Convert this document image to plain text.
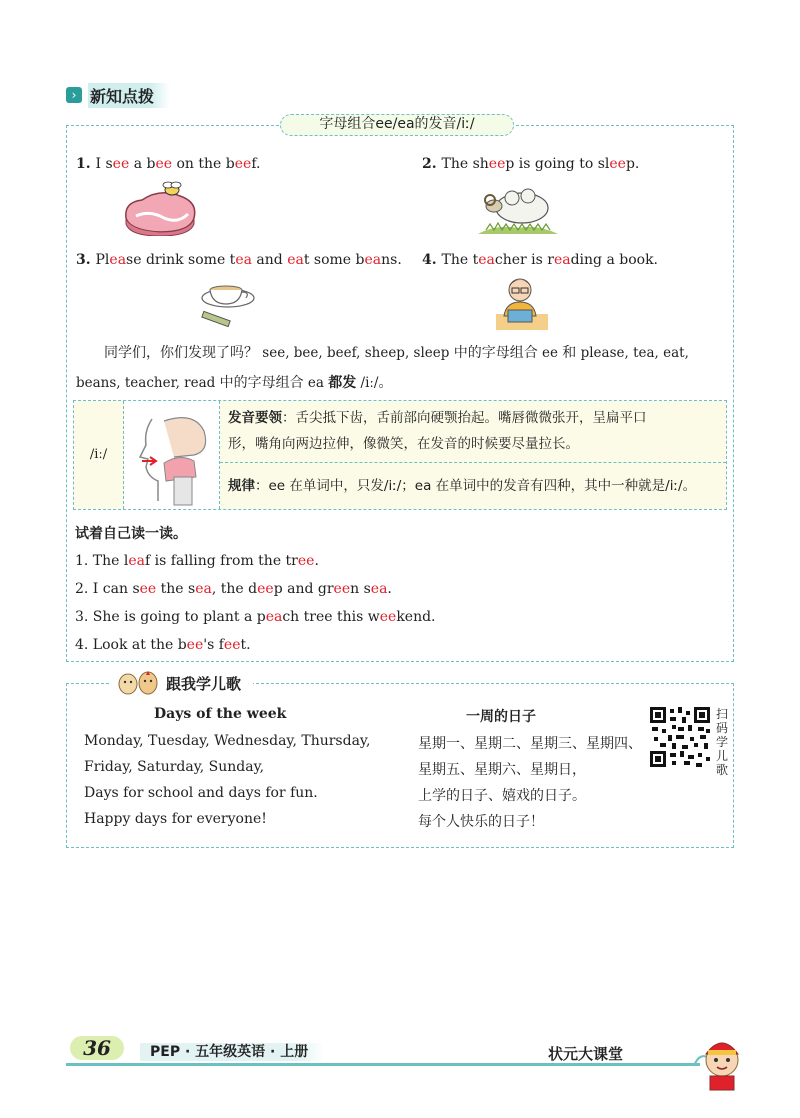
› 新知点拨
字母组合ee/ea的发音/iː/
1. I see a bee on the beef.	2. The sheep is going to sleep.
3. Please drink some tea and eat some beans. 4. The teacher is reading a book.
同学们，你们发现了吗？ see, bee, beef, sheep, sleep 中的字母组合 ee 和 please, tea, eat,
beans, teacher, read 中的字母组合 ea 都发 /iː/。
/iː/
发音要领：舌尖抵下齿，舌前部向硬颚抬起。嘴唇微微张开，呈扁平口
形，嘴角向两边拉伸，像微笑，在发音的时候要尽量拉长。
规律：ee 在单词中，只发/iː/；ea 在单词中的发音有四种，其中一种就是/iː/。
试着自己读一读。
1. The leaf is falling from the tree.
2. I can see the sea, the deep and green sea.
3. She is going to plant a peach tree this weekend.
4. Look at the bee's feet.
跟我学儿歌
Days of the week	一周的日子
Monday, Tuesday, Wednesday, Thursday,
Friday, Saturday, Sunday,
Days for school and days for fun.
Happy days for everyone!
星期一、星期二、星期三、星期四、
星期五、星期六、星期日，
上学的日子、嬉戏的日子。
每个人快乐的日子！
扫码学儿歌
36	PEP · 五年级英语 · 上册	状元大课堂
